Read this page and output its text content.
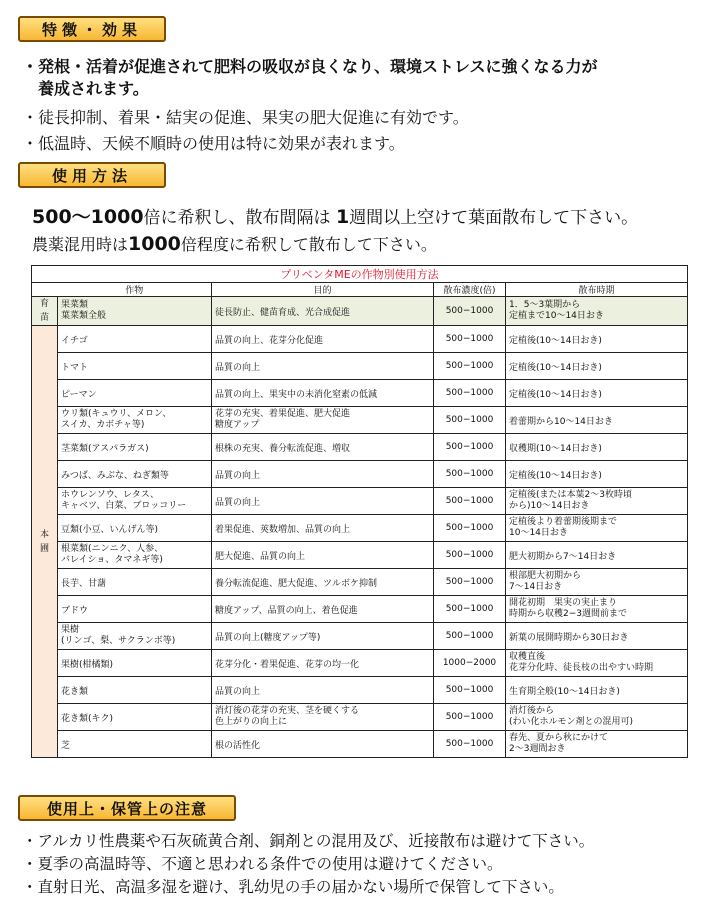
特徴・効果
・発根・活着が促進されて肥料の吸収が良くなり、環境ストレスに強くなる力が
　養成されます。
・徒長抑制、着果・結実の促進、果実の肥大促進に有効です。
・低温時、天候不順時の使用は特に効果が表れます。
使用方法
500～1000倍に希釈し、散布間隔は 1週間以上空けて葉面散布して下さい。
農薬混用時は1000倍程度に希釈して散布して下さい。
プリベンタMEの作物別使用方法				
	作物	目的	散布濃度(倍)	散布時期
育
苗	果菜類
葉菜類全般	徒長防止、健苗育成、光合成促進	500−1000	1．5～3葉期から
定植まで10～14日おき
本
圃	イチゴ	品質の向上、花芽分化促進	500−1000	定植後(10～14日おき)
	トマト	品質の向上	500−1000	定植後(10～14日おき)
	ピーマン	品質の向上、果実中の未消化窒素の低減	500−1000	定植後(10～14日おき)
	ウリ類(キュウリ、メロン、
スイカ、カボチャ等)	花芽の充実、着果促進、肥大促進
糖度アップ	500−1000	着蕾期から10～14日おき
	茎菜類(アスパラガス)	根株の充実、養分転流促進、増収	500−1000	収穫期(10～14日おき)
	みつば、みぶな、ねぎ類等	品質の向上	500−1000	定植後(10～14日おき)
	ホウレンソウ、レタス、
キャベツ、白菜、ブロッコリー	品質の向上	500−1000	定植後(または本葉2～3枚時頃
から)10～14日おき
	豆類(小豆、いんげん等)	着果促進、莢数増加、品質の向上	500−1000	定植後より着蕾期後期まで
10～14日おき
	根菜類(ニンニク、人参、
バレイショ、タマネギ等)	肥大促進、品質の向上	500−1000	肥大初期から7～14日おき
	長芋、甘藷	養分転流促進、肥大促進、ツルボケ抑制	500−1000	根部肥大初期から
7～14日おき
	ブドウ	糖度アップ、品質の向上、着色促進	500−1000	開花初期　果実の実止まり
時期から収穫2−3週間前まで
	果樹
(リンゴ、梨、サクランボ等)	品質の向上(糖度アップ等)	500−1000	新葉の展開時期から30日おき
	果樹(柑橘類)	花芽分化・着果促進、花芽の均一化	1000−2000	収穫直後
花芽分化時、徒長枝の出やすい時期
	花き類	品質の向上	500−1000	生育期全般(10～14日おき)
	花き類(キク)	消灯後の花芽の充実、茎を硬くする
色上がりの向上に	500−1000	消灯後から
(わい化ホルモン剤との混用可)
	芝	根の活性化	500−1000	春先、夏から秋にかけて
2～3週間おき
使用上・保管上の注意
・アルカリ性農薬や石灰硫黄合剤、銅剤との混用及び、近接散布は避けて下さい。
・夏季の高温時等、不適と思われる条件での使用は避けてください。
・直射日光、高温多湿を避け、乳幼児の手の届かない場所で保管して下さい。
